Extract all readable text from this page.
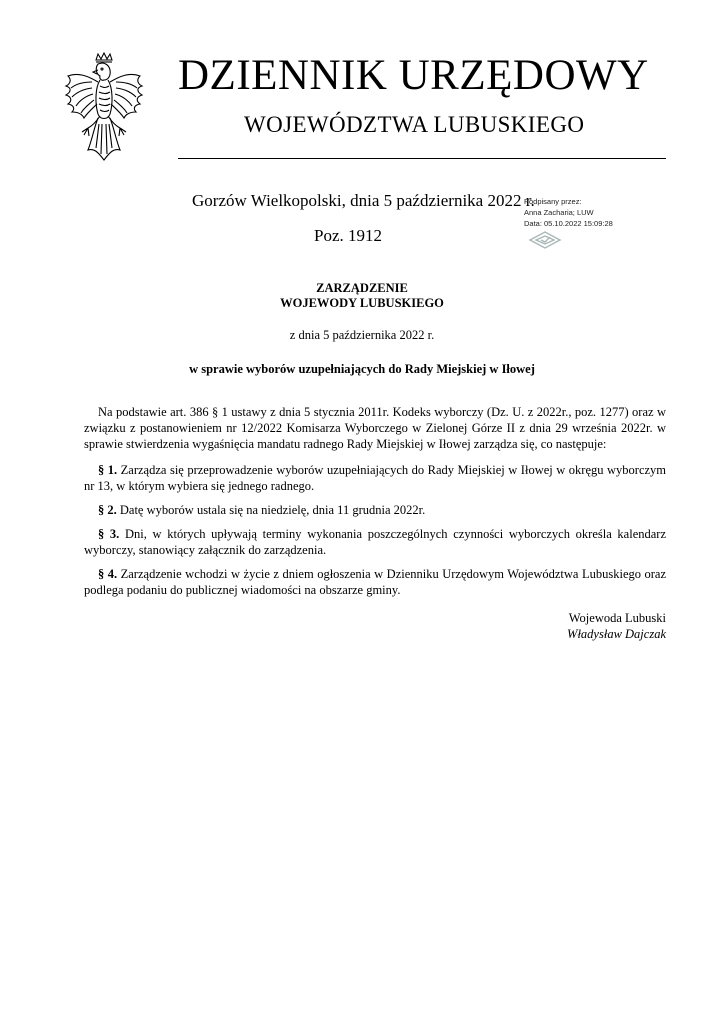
DZIENNIK URZĘDOWY
WOJEWÓDZTWA LUBUSKIEGO
Gorzów Wielkopolski, dnia 5 października 2022 r.
Poz. 1912
Podpisany przez:
Anna Zacharia; LUW
Data: 05.10.2022 15:09:28
ZARZĄDZENIE
WOJEWODY LUBUSKIEGO
z dnia 5 października 2022 r.
w sprawie wyborów uzupełniających do Rady Miejskiej w Iłowej

Na podstawie art. 386 § 1 ustawy z dnia 5 stycznia 2011r. Kodeks wyborczy (Dz. U. z 2022r., poz. 1277) oraz w związku z postanowieniem nr 12/2022 Komisarza Wyborczego w Zielonej Górze II z dnia 29 września 2022r. w sprawie stwierdzenia wygaśnięcia mandatu radnego Rady Miejskiej w Iłowej zarządza się, co następuje:

§ 1. Zarządza się przeprowadzenie wyborów uzupełniających do Rady Miejskiej w Iłowej w okręgu wyborczym nr 13, w którym wybiera się jednego radnego.

§ 2. Datę wyborów ustala się na niedzielę, dnia 11 grudnia 2022r.

§ 3. Dni, w których upływają terminy wykonania poszczególnych czynności wyborczych określa kalendarz wyborczy, stanowiący załącznik do zarządzenia.

§ 4. Zarządzenie wchodzi w życie z dniem ogłoszenia w Dzienniku Urzędowym Województwa Lubuskiego oraz podlega podaniu do publicznej wiadomości na obszarze gminy.

Wojewoda Lubuski
Władysław Dajczak
